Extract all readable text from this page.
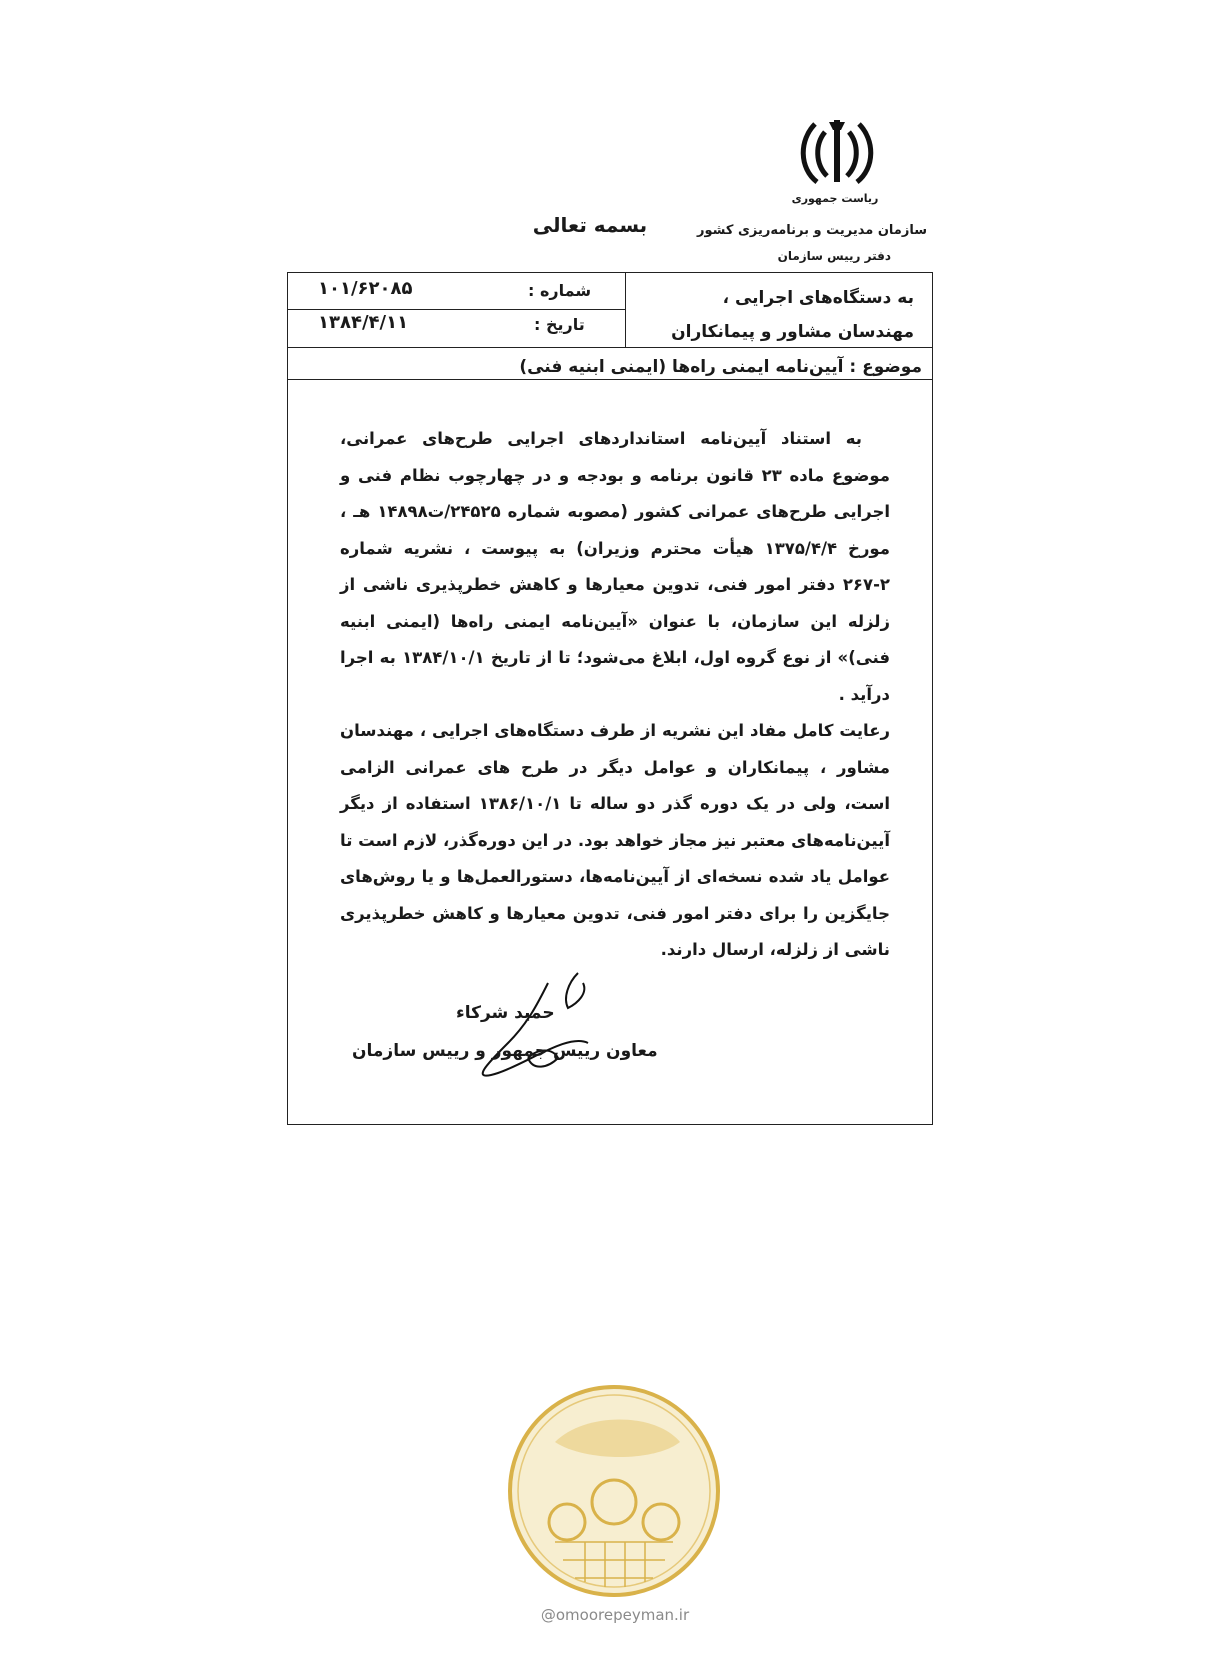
ریاست جمهوری
بسمه تعالی	سازمان مدیریت و برنامه‌ریزی کشور
دفتر رییس سازمان
به دستگاه‌های اجرایی ، مهندسان مشاور و پیمانکاران
شماره :
۱۰۱/۶۲۰۸۵
تاریخ :
۱۳۸۴/۴/۱۱
موضوع : آیین‌نامه ایمنی راه‌ها (ایمنی ابنیه فنی)

به استناد آیین‌نامه استانداردهای اجرایی طرح‌های عمرانی، موضوع ماده ۲۳ قانون برنامه و بودجه و در چهارچوب نظام فنی و اجرایی طرح‌های عمرانی کشور (مصوبه شماره ۲۴۵۲۵/ت۱۴۸۹۸ هـ ، مورخ ۱۳۷۵/۴/۴ هیأت محترم وزیران) به پیوست ، نشریه شماره ۲-۲۶۷ دفتر امور فنی، تدوین معیارها و کاهش خطرپذیری ناشی از زلزله این سازمان، با عنوان «آیین‌نامه ایمنی راه‌ها (ایمنی ابنیه فنی)» از نوع گروه اول، ابلاغ می‌شود؛ تا از تاریخ ۱۳۸۴/۱۰/۱ به اجرا درآید .

رعایت کامل مفاد این نشریه از طرف دستگاه‌های اجرایی ، مهندسان مشاور ، پیمانکاران و عوامل دیگر در طرح های عمرانی الزامی است، ولی در یک دوره گذر دو ساله تا ۱۳۸۶/۱۰/۱ استفاده از دیگر آیین‌نامه‌های معتبر نیز مجاز خواهد بود. در این دوره‌گذر، لازم است تا عوامل یاد شده نسخه‌ای از آیین‌نامه‌ها، دستورالعمل‌ها و یا روش‌های جایگزین را برای دفتر امور فنی، تدوین معیارها و کاهش خطرپذیری ناشی از زلزله، ارسال دارند.

حمید شرکاء
معاون رییس جمهور و رییس سازمان
@omoorepeyman.ir
